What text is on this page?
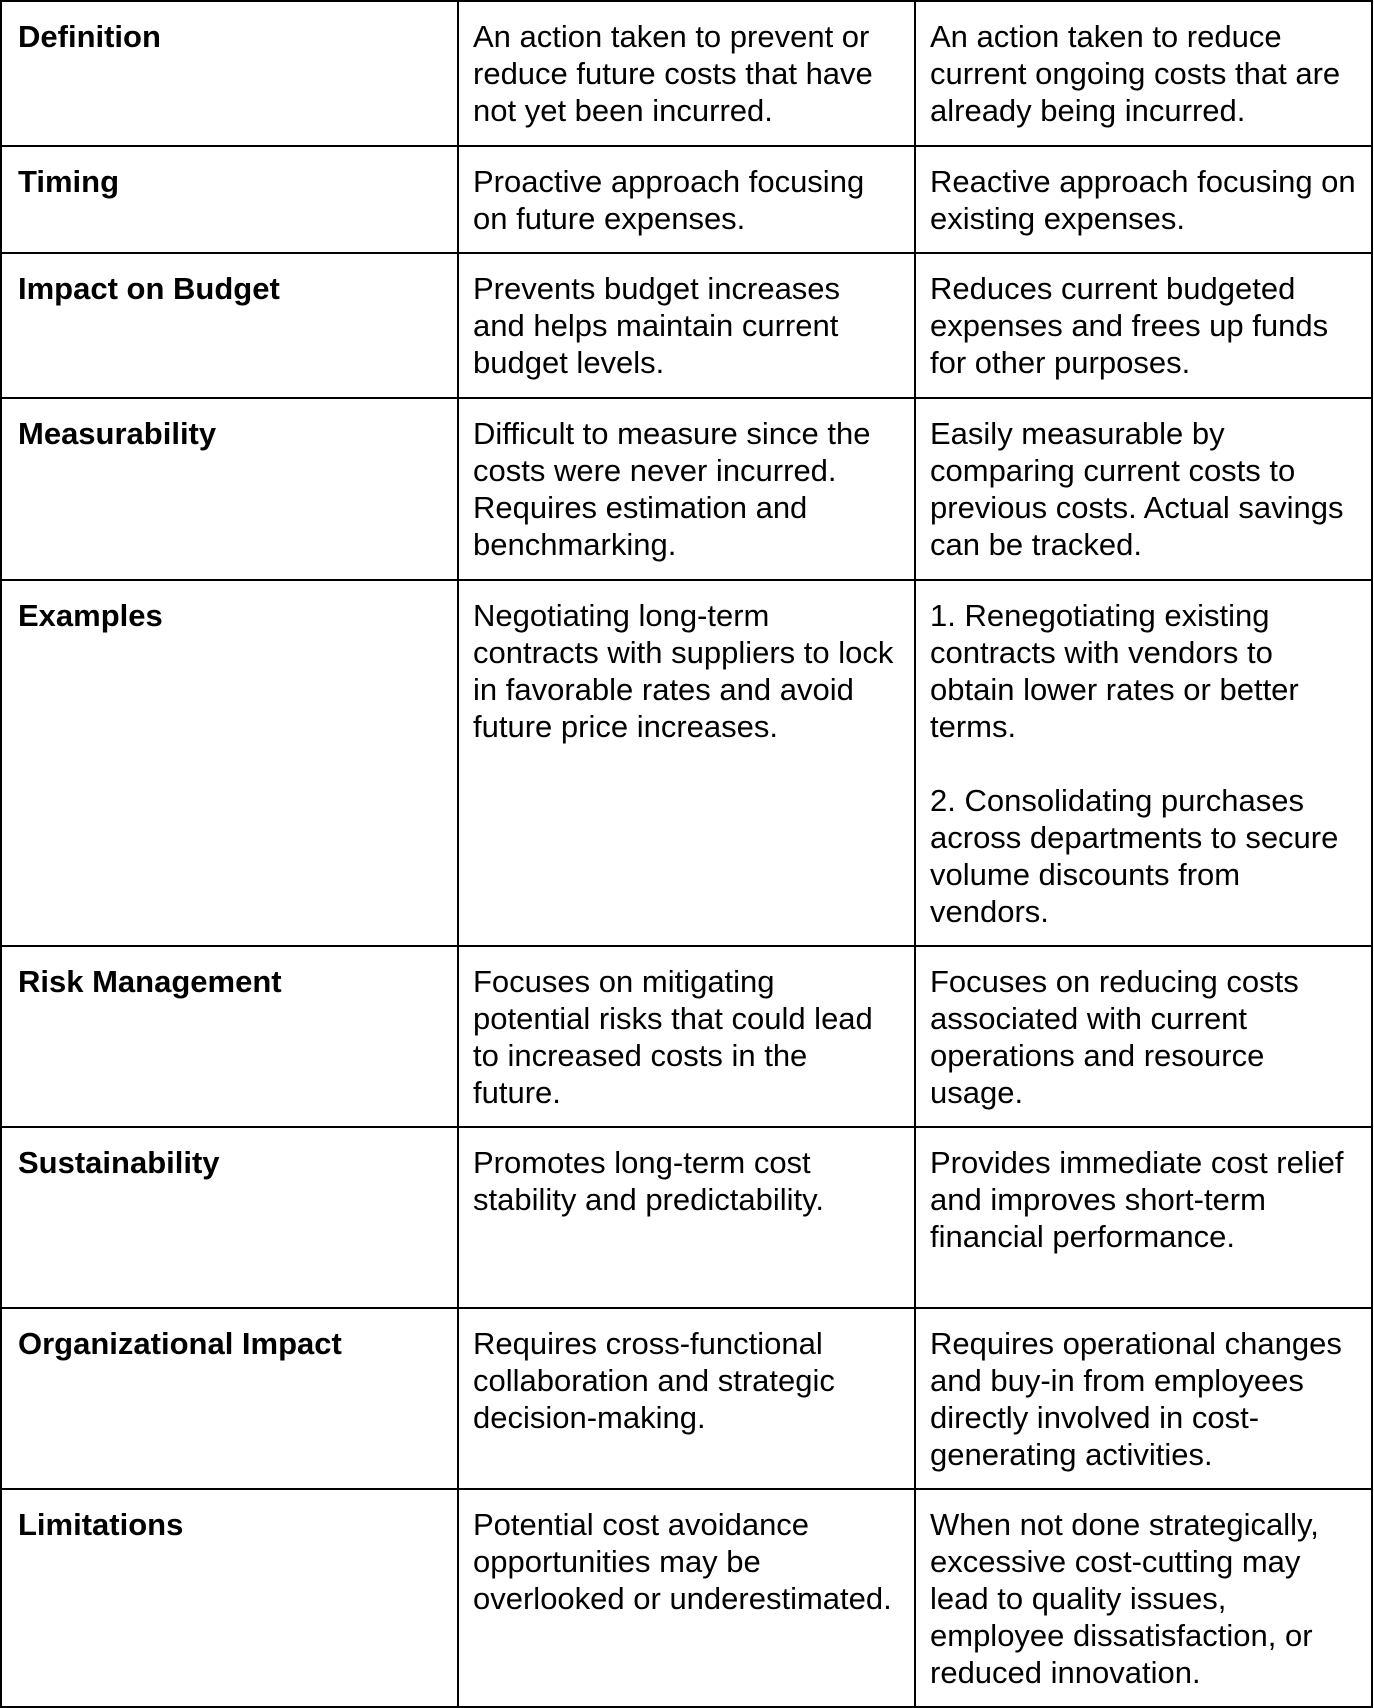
Definition	An action taken to prevent or reduce future costs that have not yet been incurred.	An action taken to reduce current ongoing costs that are already being incurred.

Timing	Proactive approach focusing on future expenses.	Reactive approach focusing on existing expenses.

Impact on Budget	Prevents budget increases and helps maintain current budget levels.	Reduces current budgeted expenses and frees up funds for other purposes.

Measurability	Difficult to measure since the costs were never incurred. Requires estimation and benchmarking.	Easily measurable by comparing current costs to previous costs. Actual savings can be tracked.

Examples	Negotiating long-term contracts with suppliers to lock in favorable rates and avoid future price increases.	1. Renegotiating existing contracts with vendors to obtain lower rates or better terms.
2. Consolidating purchases across departments to secure volume discounts from vendors.

Risk Management	Focuses on mitigating potential risks that could lead to increased costs in the future.	Focuses on reducing costs associated with current operations and resource usage.

Sustainability	Promotes long-term cost stability and predictability.	Provides immediate cost relief and improves short-term financial performance.

Organizational Impact	Requires cross-functional collaboration and strategic decision-making.	Requires operational changes and buy-in from employees directly involved in cost-generating activities.

Limitations	Potential cost avoidance opportunities may be overlooked or underestimated.	When not done strategically, excessive cost-cutting may lead to quality issues, employee dissatisfaction, or reduced innovation.
